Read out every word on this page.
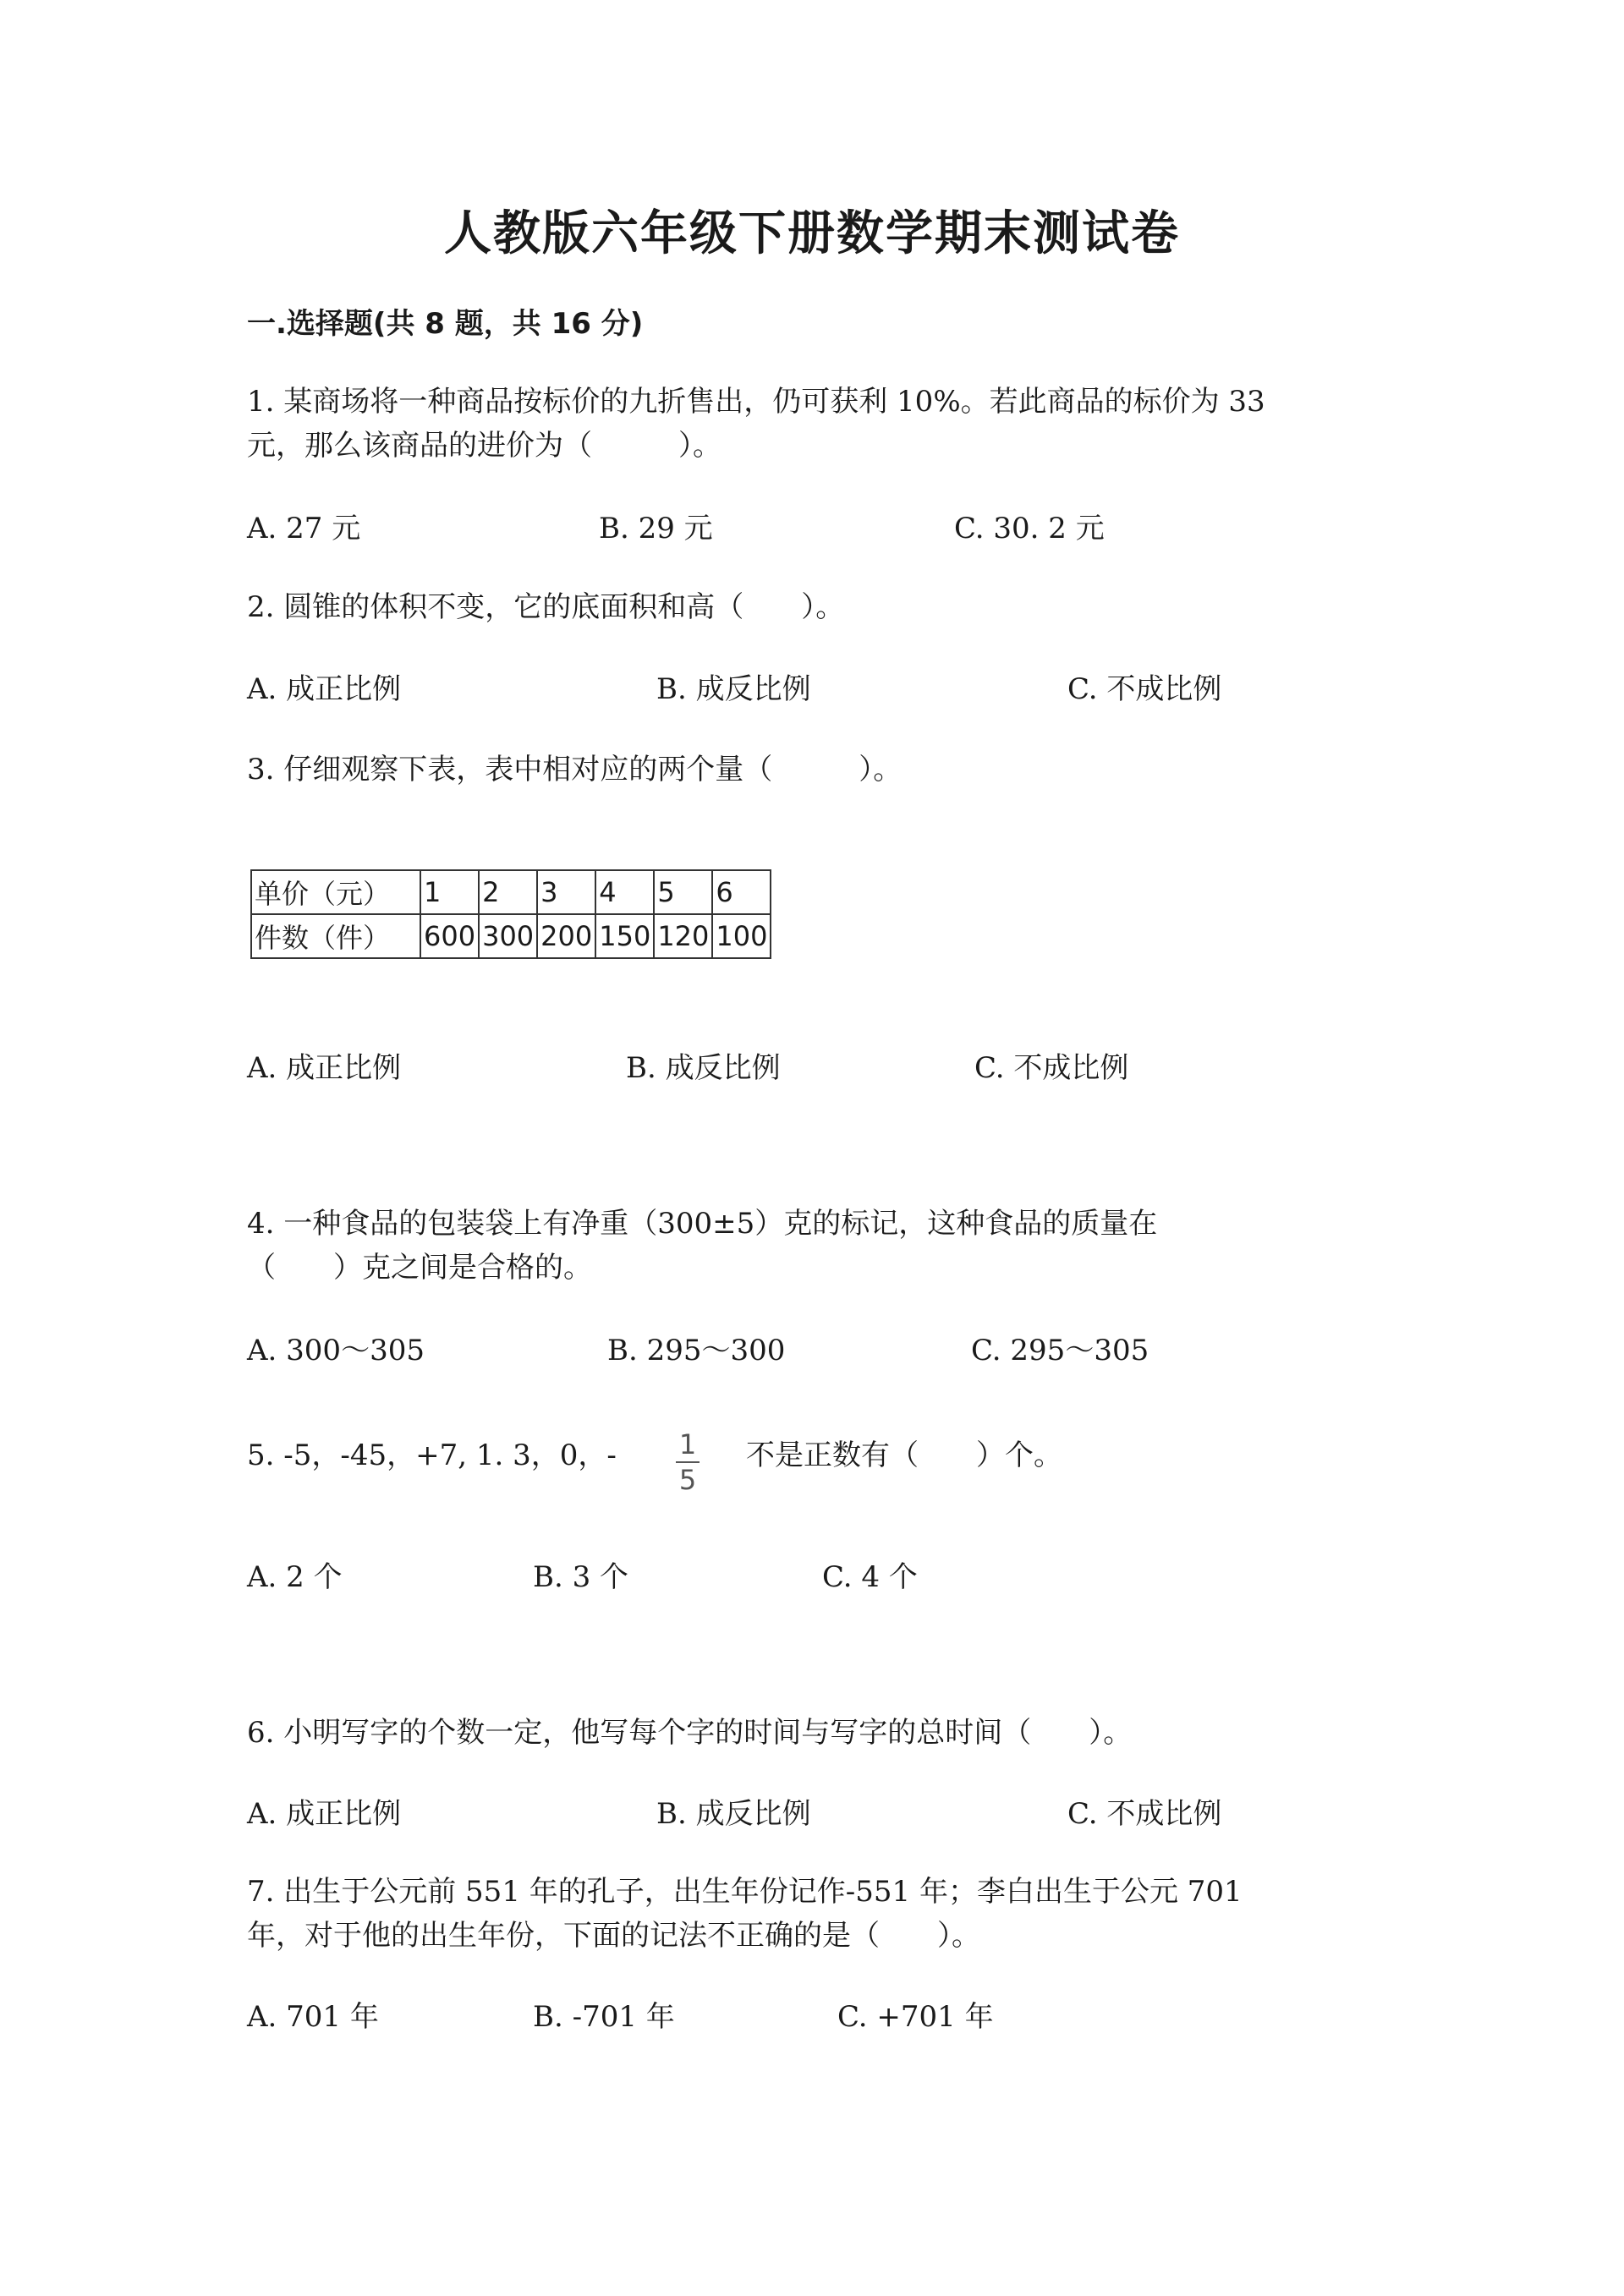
人教版六年级下册数学期末测试卷
一.选择题(共 8 题，共 16 分)
1. 某商场将一种商品按标价的九折售出，仍可获利 10%。若此商品的标价为 33
元，那么该商品的进价为（　　　）。
A. 27 元	B. 29 元	C. 30. 2 元
2. 圆锥的体积不变，它的底面积和高（　　）。
A. 成正比例	B. 成反比例	C. 不成比例
3. 仔细观察下表，表中相对应的两个量（　　　）。
单价（元）	1	2	3	4	5	6
件数（件）	600	300	200	150	120	100
A. 成正比例	B. 成反比例	C. 不成比例
4. 一种食品的包装袋上有净重（300±5）克的标记，这种食品的质量在
（　　）克之间是合格的。
A. 300～305	B. 295～300	C. 295～305
5. -5，-45，+7, 1. 3，0，- 1
5
不是正数有（　　）个。
A. 2 个	B. 3 个	C. 4 个
6. 小明写字的个数一定，他写每个字的时间与写字的总时间（　　）。
A. 成正比例	B. 成反比例	C. 不成比例
7. 出生于公元前 551 年的孔子，出生年份记作-551 年；李白出生于公元 701
年，对于他的出生年份，下面的记法不正确的是（　　）。
A. 701 年	B. -701 年	C. +701 年
